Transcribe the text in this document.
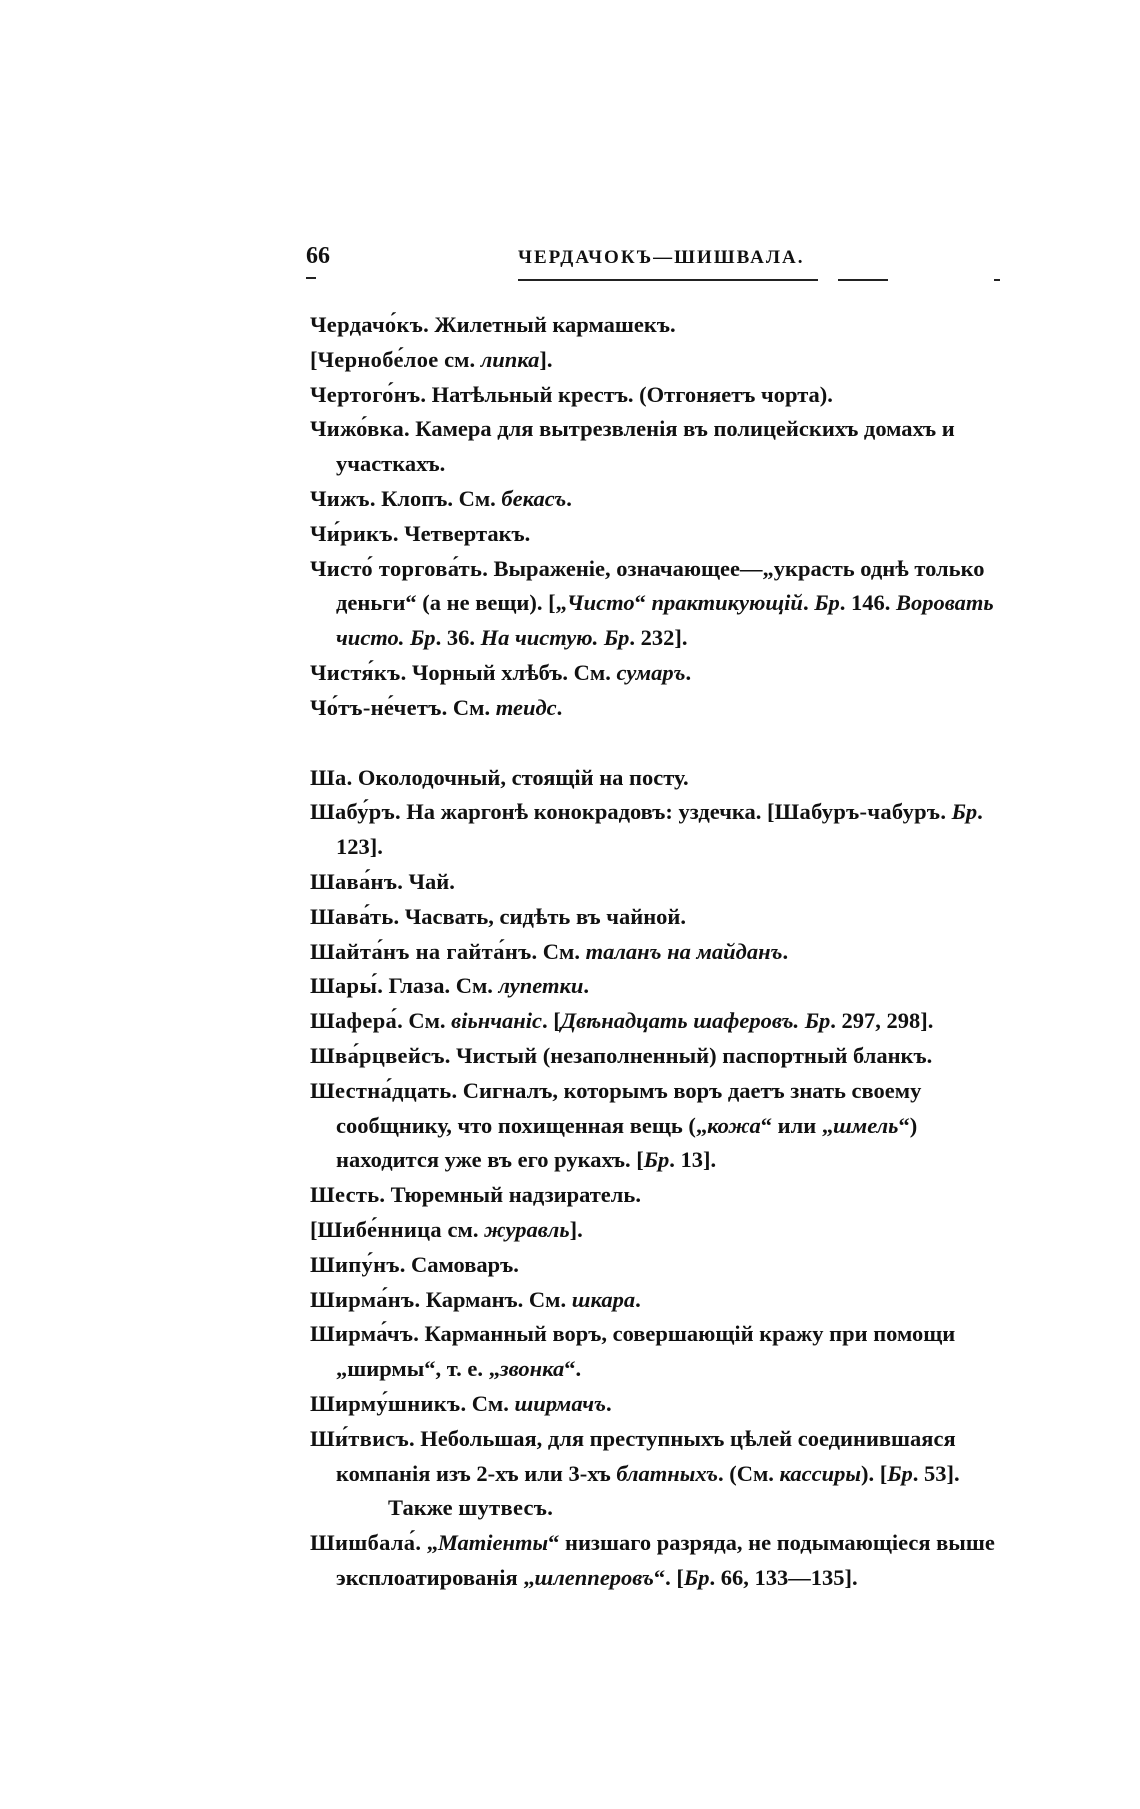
66	ЧЕРДАЧОКЪ—ШИШВАЛА.
Чердачо́къ. Жилетный кармашекъ.
[Чернобе́лое см. липка].
Чертого́нъ. Натѣльный крестъ. (Отгоняетъ чорта).
Чижо́вка. Камера для вытрезвленія въ полицейскихъ домахъ и участкахъ.
Чижъ. Клопъ. См. бекасъ.
Чи́рикъ. Четвертакъ.
Чисто́ торгова́ть. Выраженіе, означающее—„украсть однѣ только деньги“ (а не вещи). [„Чисто“ практикующій. Бр. 146. Воровать чисто. Бр. 36. На чистую. Бр. 232].
Чистя́къ. Чорный хлѣбъ. См. сумаръ.
Чо́тъ-не́четъ. См. теидс.
Ша. Околодочный, стоящій на посту.
Шабу́ръ. На жаргонѣ конокрадовъ: уздечка. [Шабуръ-чабуръ. Бр. 123].
Шава́нъ. Чай.
Шава́ть. Часвать, сидѣть въ чайной.
Шайта́нъ на гайта́нъ. См. таланъ на майданъ.
Шары́. Глаза. См. лупетки.
Шафера́. См. вiьнчаніс. [Двѣнадцать шаферовъ. Бр. 297, 298].
Шва́рцвейсъ. Чистый (незаполненный) паспортный бланкъ.
Шестна́дцать. Сигналъ, которымъ воръ даетъ знать своему сообщнику, что похищенная вещь („кожа“ или „шмель“) находится уже въ его рукахъ. [Бр. 13].
Шесть. Тюремный надзиратель.
[Шибе́нница см. журавль].
Шипу́нъ. Самоваръ.
Ширма́нъ. Карманъ. См. шкара.
Ширма́чъ. Карманный воръ, совершающій кражу при помощи „ширмы“, т. е. „звонка“.
Ширму́шникъ. См. ширмачъ.
Ши́твисъ. Небольшая, для преступныхъ цѣлей соединившаяся компанія изъ 2-хъ или 3-хъ блатныхъ. (См. кассиры). [Бр. 53].
Также шутвесъ.
Шишбала́. „Матіенты“ низшаго разряда, не подымающіеся выше эксплоатированія „шлепперовъ“. [Бр. 66, 133—135].
